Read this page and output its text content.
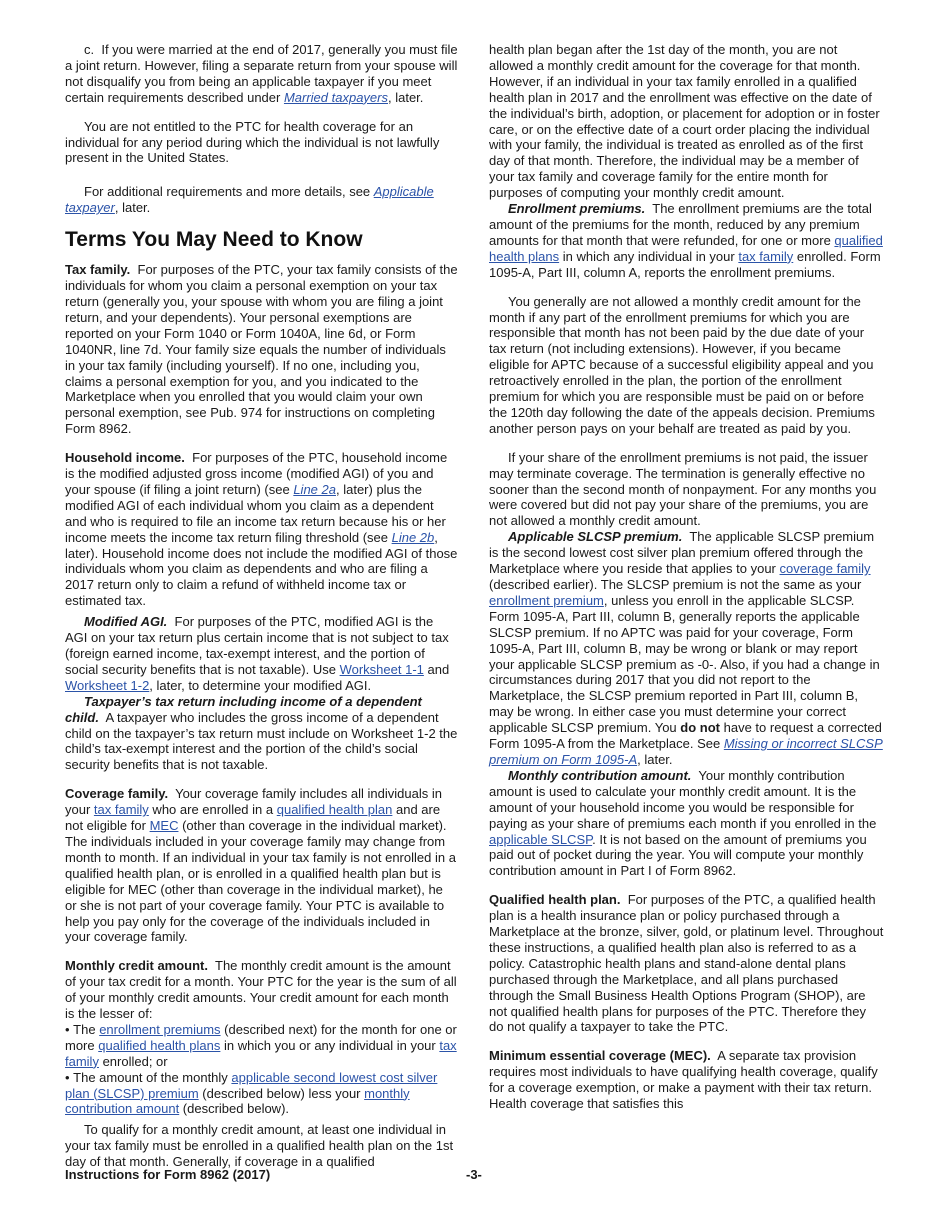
c.  If you were married at the end of 2017, generally you must file a joint return. However, filing a separate return from your spouse will not disqualify you from being an applicable taxpayer if you meet certain requirements described under Married taxpayers, later.

You are not entitled to the PTC for health coverage for an individual for any period during which the individual is not lawfully present in the United States.

For additional requirements and more details, see Applicable taxpayer, later.

Terms You May Need to Know

Tax family. For purposes of the PTC, your tax family consists of the individuals for whom you claim a personal exemption on your tax return (generally you, your spouse with whom you are filing a joint return, and your dependents). Your personal exemptions are reported on your Form 1040 or Form 1040A, line 6d, or Form 1040NR, line 7d. Your family size equals the number of individuals in your tax family (including yourself). If no one, including you, claims a personal exemption for you, and you indicated to the Marketplace when you enrolled that you would claim your own personal exemption, see Pub. 974 for instructions on completing Form 8962.

Household income. For purposes of the PTC, household income is the modified adjusted gross income (modified AGI) of you and your spouse (if filing a joint return) (see Line 2a, later) plus the modified AGI of each individual whom you claim as a dependent and who is required to file an income tax return because his or her income meets the income tax return filing threshold (see Line 2b, later). Household income does not include the modified AGI of those individuals whom you claim as dependents and who are filing a 2017 return only to claim a refund of withheld income tax or estimated tax.

Modified AGI. For purposes of the PTC, modified AGI is the AGI on your tax return plus certain income that is not subject to tax (foreign earned income, tax-exempt interest, and the portion of social security benefits that is not taxable). Use Worksheet 1-1 and Worksheet 1-2, later, to determine your modified AGI.

Taxpayer’s tax return including income of a dependent child. A taxpayer who includes the gross income of a dependent child on the taxpayer’s tax return must include on Worksheet 1-2 the child’s tax-exempt interest and the portion of the child’s social security benefits that is not taxable.

Coverage family. Your coverage family includes all individuals in your tax family who are enrolled in a qualified health plan and are not eligible for MEC (other than coverage in the individual market). The individuals included in your coverage family may change from month to month. If an individual in your tax family is not enrolled in a qualified health plan, or is enrolled in a qualified health plan but is eligible for MEC (other than coverage in the individual market), he or she is not part of your coverage family. Your PTC is available to help you pay only for the coverage of the individuals included in your coverage family.

Monthly credit amount. The monthly credit amount is the amount of your tax credit for a month. Your PTC for the year is the sum of all of your monthly credit amounts. Your credit amount for each month is the lesser of:

• The enrollment premiums (described next) for the month for one or more qualified health plans in which you or any individual in your tax family enrolled; or

• The amount of the monthly applicable second lowest cost silver plan (SLCSP) premium (described below) less your monthly contribution amount (described below).

To qualify for a monthly credit amount, at least one individual in your tax family must be enrolled in a qualified health plan on the 1st day of that month. Generally, if coverage in a qualified

health plan began after the 1st day of the month, you are not allowed a monthly credit amount for the coverage for that month. However, if an individual in your tax family enrolled in a qualified health plan in 2017 and the enrollment was effective on the date of the individual’s birth, adoption, or placement for adoption or in foster care, or on the effective date of a court order placing the individual with your family, the individual is treated as enrolled as of the first day of that month. Therefore, the individual may be a member of your tax family and coverage family for the entire month for purposes of computing your monthly credit amount.

Enrollment premiums. The enrollment premiums are the total amount of the premiums for the month, reduced by any premium amounts for that month that were refunded, for one or more qualified health plans in which any individual in your tax family enrolled. Form 1095-A, Part III, column A, reports the enrollment premiums.

You generally are not allowed a monthly credit amount for the month if any part of the enrollment premiums for which you are responsible that month has not been paid by the due date of your tax return (not including extensions). However, if you became eligible for APTC because of a successful eligibility appeal and you retroactively enrolled in the plan, the portion of the enrollment premium for which you are responsible must be paid on or before the 120th day following the date of the appeals decision. Premiums another person pays on your behalf are treated as paid by you.

If your share of the enrollment premiums is not paid, the issuer may terminate coverage. The termination is generally effective no sooner than the second month of nonpayment. For any months you were covered but did not pay your share of the premiums, you are not allowed a monthly credit amount.

Applicable SLCSP premium. The applicable SLCSP premium is the second lowest cost silver plan premium offered through the Marketplace where you reside that applies to your coverage family (described earlier). The SLCSP premium is not the same as your enrollment premium, unless you enroll in the applicable SLCSP. Form 1095-A, Part III, column B, generally reports the applicable SLCSP premium. If no APTC was paid for your coverage, Form 1095-A, Part III, column B, may be wrong or blank or may report your applicable SLCSP premium as -0-. Also, if you had a change in circumstances during 2017 that you did not report to the Marketplace, the SLCSP premium reported in Part III, column B, may be wrong. In either case you must determine your correct applicable SLCSP premium. You do not have to request a corrected Form 1095-A from the Marketplace. See Missing or incorrect SLCSP premium on Form 1095-A, later.

Monthly contribution amount. Your monthly contribution amount is used to calculate your monthly credit amount. It is the amount of your household income you would be responsible for paying as your share of premiums each month if you enrolled in the applicable SLCSP. It is not based on the amount of premiums you paid out of pocket during the year. You will compute your monthly contribution amount in Part I of Form 8962.

Qualified health plan. For purposes of the PTC, a qualified health plan is a health insurance plan or policy purchased through a Marketplace at the bronze, silver, gold, or platinum level. Throughout these instructions, a qualified health plan also is referred to as a policy. Catastrophic health plans and stand-alone dental plans purchased through the Marketplace, and all plans purchased through the Small Business Health Options Program (SHOP), are not qualified health plans for purposes of the PTC. Therefore they do not qualify a taxpayer to take the PTC.

Minimum essential coverage (MEC). A separate tax provision requires most individuals to have qualifying health coverage, qualify for a coverage exemption, or make a payment with their tax return. Health coverage that satisfies this

Instructions for Form 8962 (2017)	-3-
